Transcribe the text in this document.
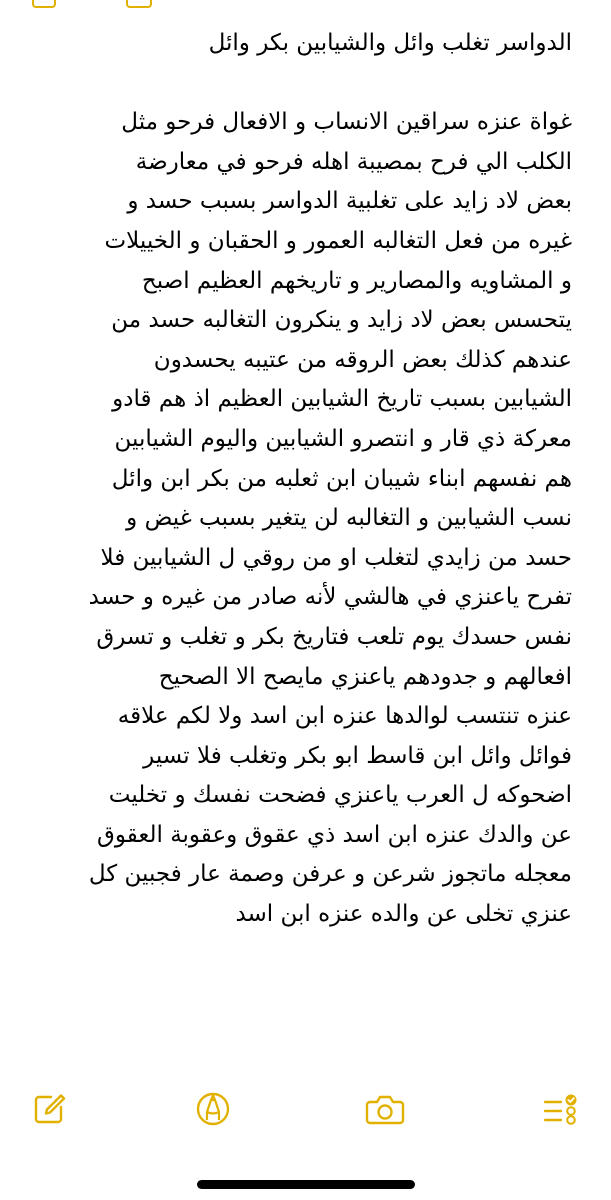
الدواسر تغلب وائل والشيابين بكر وائل
غواة عنزه سراقين الانساب و الافعال فرحو مثل
الكلب الي فرح بمصيبة اهله فرحو في معارضة
بعض لاد زايد على تغلبية الدواسر بسبب حسد و
غيره من فعل التغالبه العمور و الحقبان و الخييلات
و المشاويه والمصارير و تاريخهم العظيم اصبح
يتحسس بعض لاد زايد و ينكرون التغالبه حسد من
عندهم كذلك بعض الروقه من عتيبه يحسدون
الشيابين بسبب تاريخ الشيابين العظيم اذ هم قادو
معركة ذي قار و انتصرو الشيابين واليوم الشيابين
هم نفسهم ابناء شيبان ابن ثعلبه من بكر ابن وائل
نسب الشيابين و التغالبه لن يتغير بسبب غيض و
حسد من زايدي لتغلب او من روقي ل الشيابين فلا
تفرح ياعنزي في هالشي لأنه صادر من غيره و حسد
نفس حسدك يوم تلعب فتاريخ بكر و تغلب و تسرق
افعالهم و جدودهم ياعنزي مايصح الا الصحيح
عنزه تنتسب لوالدها عنزه ابن اسد ولا لكم علاقه
فوائل وائل ابن قاسط ابو بكر وتغلب فلا تسير
اضحوكه ل العرب ياعنزي فضحت نفسك و تخليت
عن والدك عنزه ابن اسد ذي عقوق وعقوبة العقوق
معجله ماتجوز شرعن و عرفن وصمة عار فجبين كل
عنزي تخلى عن والده عنزه ابن اسد
